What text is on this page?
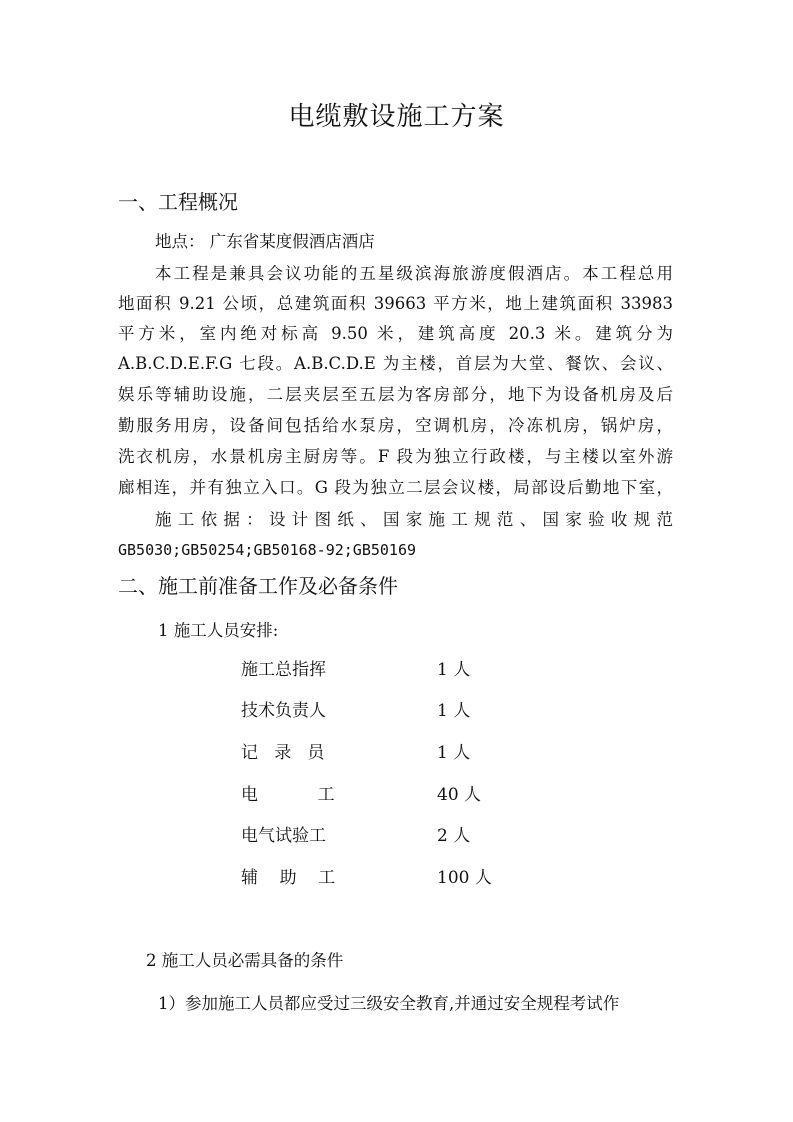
电缆敷设施工方案
一、工程概况
地点： 广东省某度假酒店酒店
本工程是兼具会议功能的五星级滨海旅游度假酒店。本工程总用
地面积 9.21 公顷，总建筑面积 39663 平方米，地上建筑面积 33983
平方米，室内绝对标高 9.50 米，建筑高度 20.3 米。建筑分为
A.B.C.D.E.F.G 七段。A.B.C.D.E 为主楼，首层为大堂、餐饮、会议、
娱乐等辅助设施，二层夹层至五层为客房部分，地下为设备机房及后
勤服务用房，设备间包括给水泵房，空调机房，冷冻机房，锅炉房，
洗衣机房，水景机房主厨房等。F 段为独立行政楼，与主楼以室外游
廊相连，并有独立入口。G 段为独立二层会议楼，局部设后勤地下室，
施工依据：设计图纸、国家施工规范、国家验收规范
GB5030;GB50254;GB50168-92;GB50169
二、施工前准备工作及必备条件
1 施工人员安排:
施工总指挥	1 人
技术负责人	1 人
记   录   员	1 人
电           工	40 人
电气试验工	2 人
辅    助    工	100 人
2 施工人员必需具备的条件
1）参加施工人员都应受过三级安全教育,并通过安全规程考试作
